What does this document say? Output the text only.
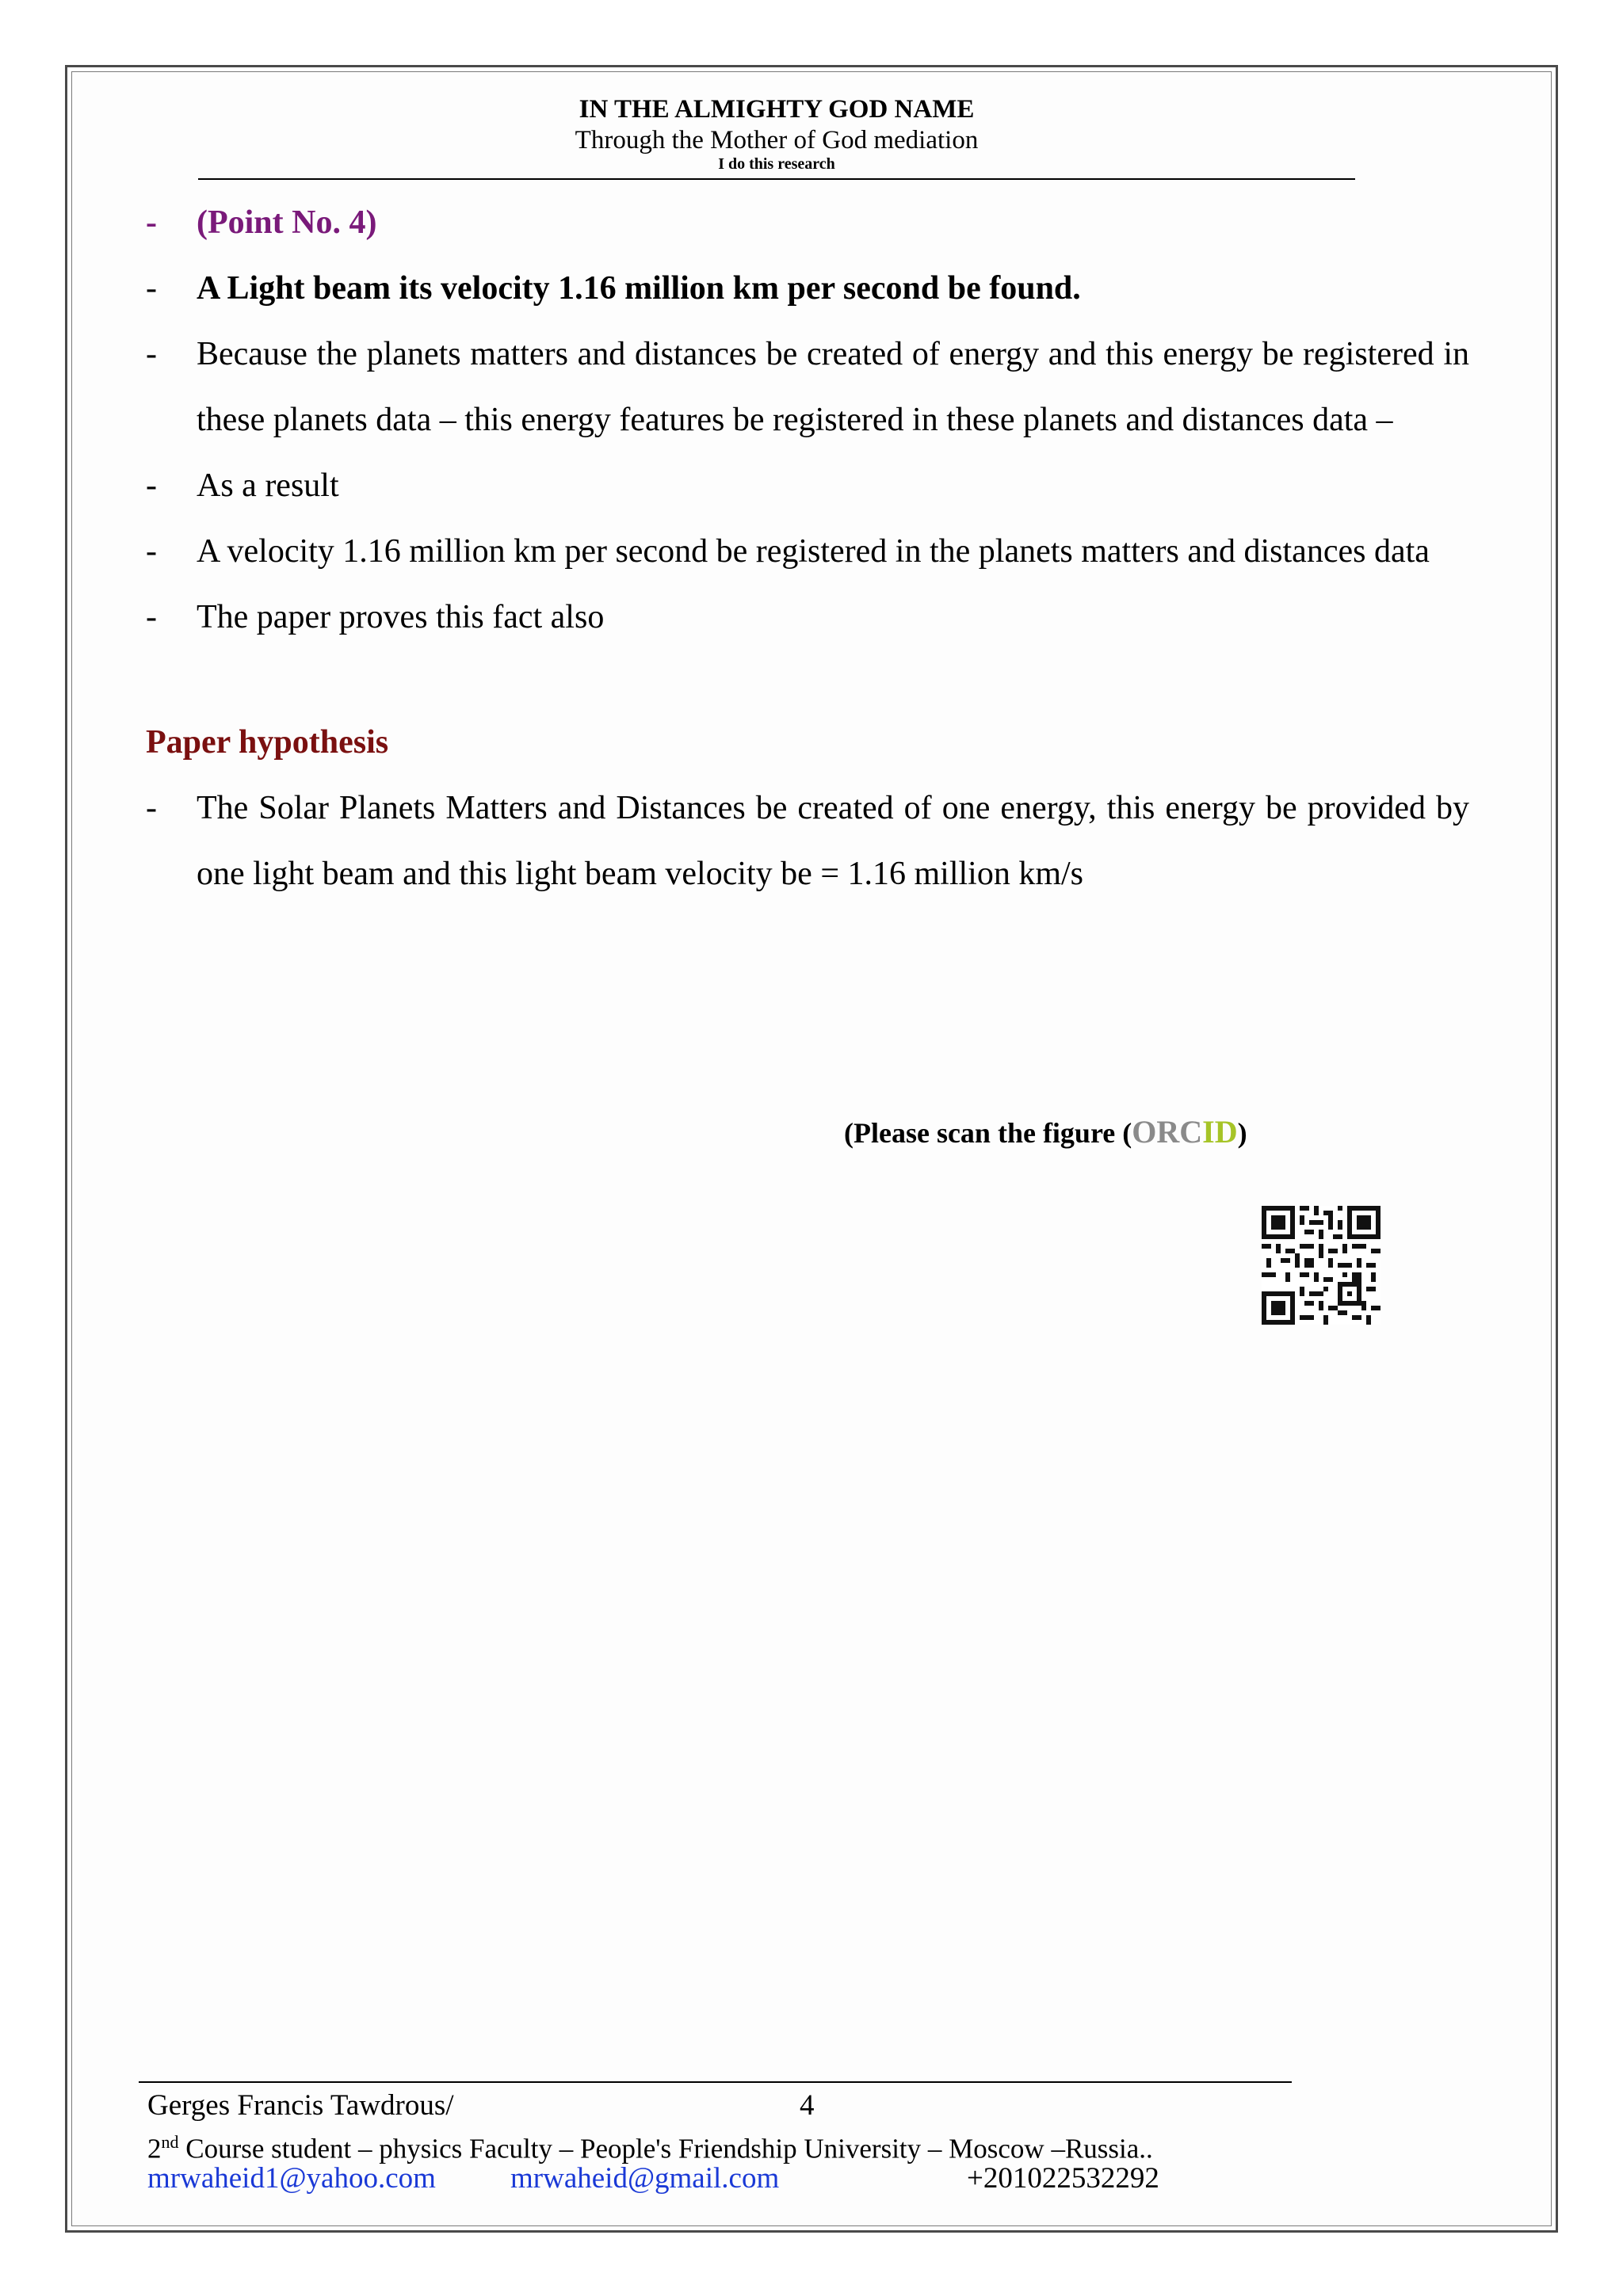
IN THE ALMIGHTY GOD NAME
Through the Mother of God mediation
I do this research
- (Point No. 4)
- A Light beam its velocity 1.16 million km per second be found.
- Because the planets matters and distances be created of energy and this energy be registered in these planets data – this energy features be registered in these planets and distances data –
- As a result
- A velocity 1.16 million km per second be registered in the planets matters and distances data
- The paper proves this fact also
Paper hypothesis
- The Solar Planets Matters and Distances be created of one energy, this energy be provided by one light beam and this light beam velocity be = 1.16 million km/s
(Please scan the figure (ORCID)
Gerges Francis Tawdrous/	4
2nd Course student – physics Faculty – People's Friendship University – Moscow –Russia..
mrwaheid1@yahoo.com	mrwaheid@gmail.com	+201022532292
